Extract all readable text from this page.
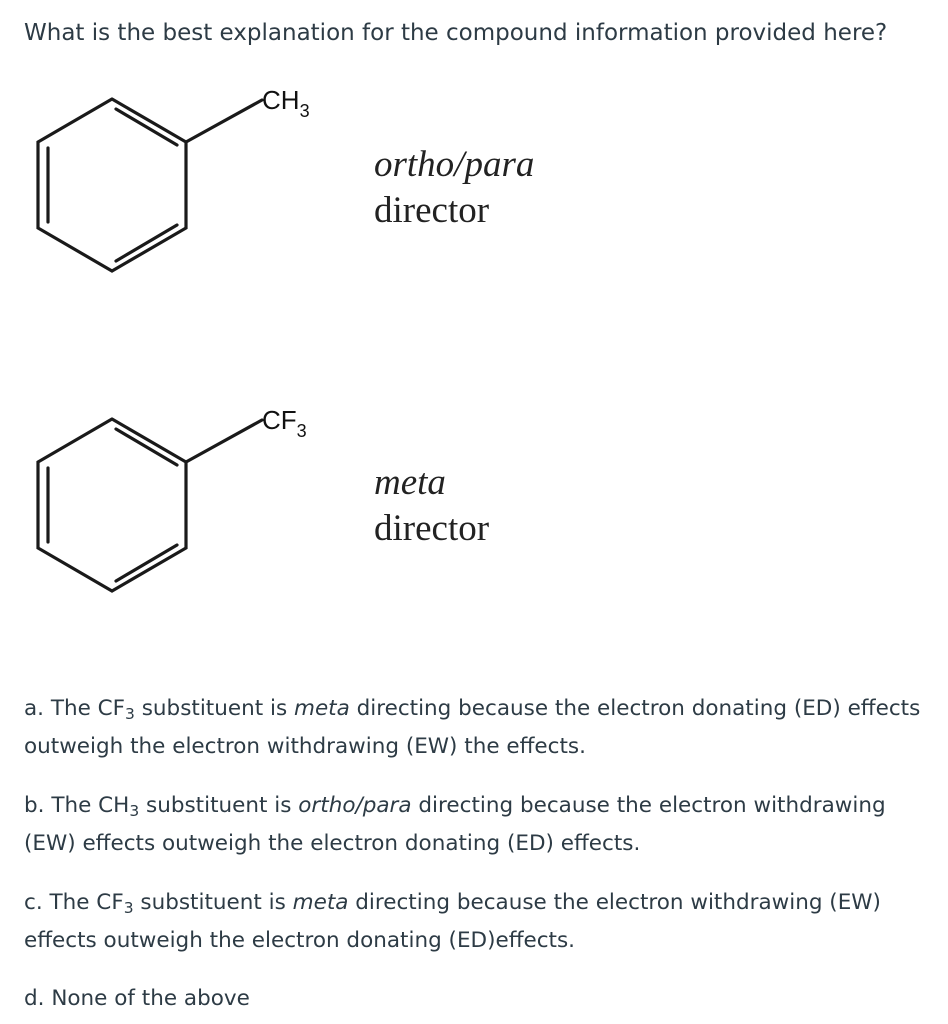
What is the best explanation for the compound information provided here?
CH3
ortho/para
director
CF3
meta
director

a. The $CF_3$ substituent is meta directing because the electron donating (ED) effects outweigh the electron withdrawing (EW) the effects.

b. The $CH_3$ substituent is ortho/para directing because the electron withdrawing (EW) effects outweigh the electron donating (ED) effects.

c. The $CF_3$ substituent is meta directing because the electron withdrawing (EW) effects outweigh the electron donating (ED)effects.

d. None of the above
